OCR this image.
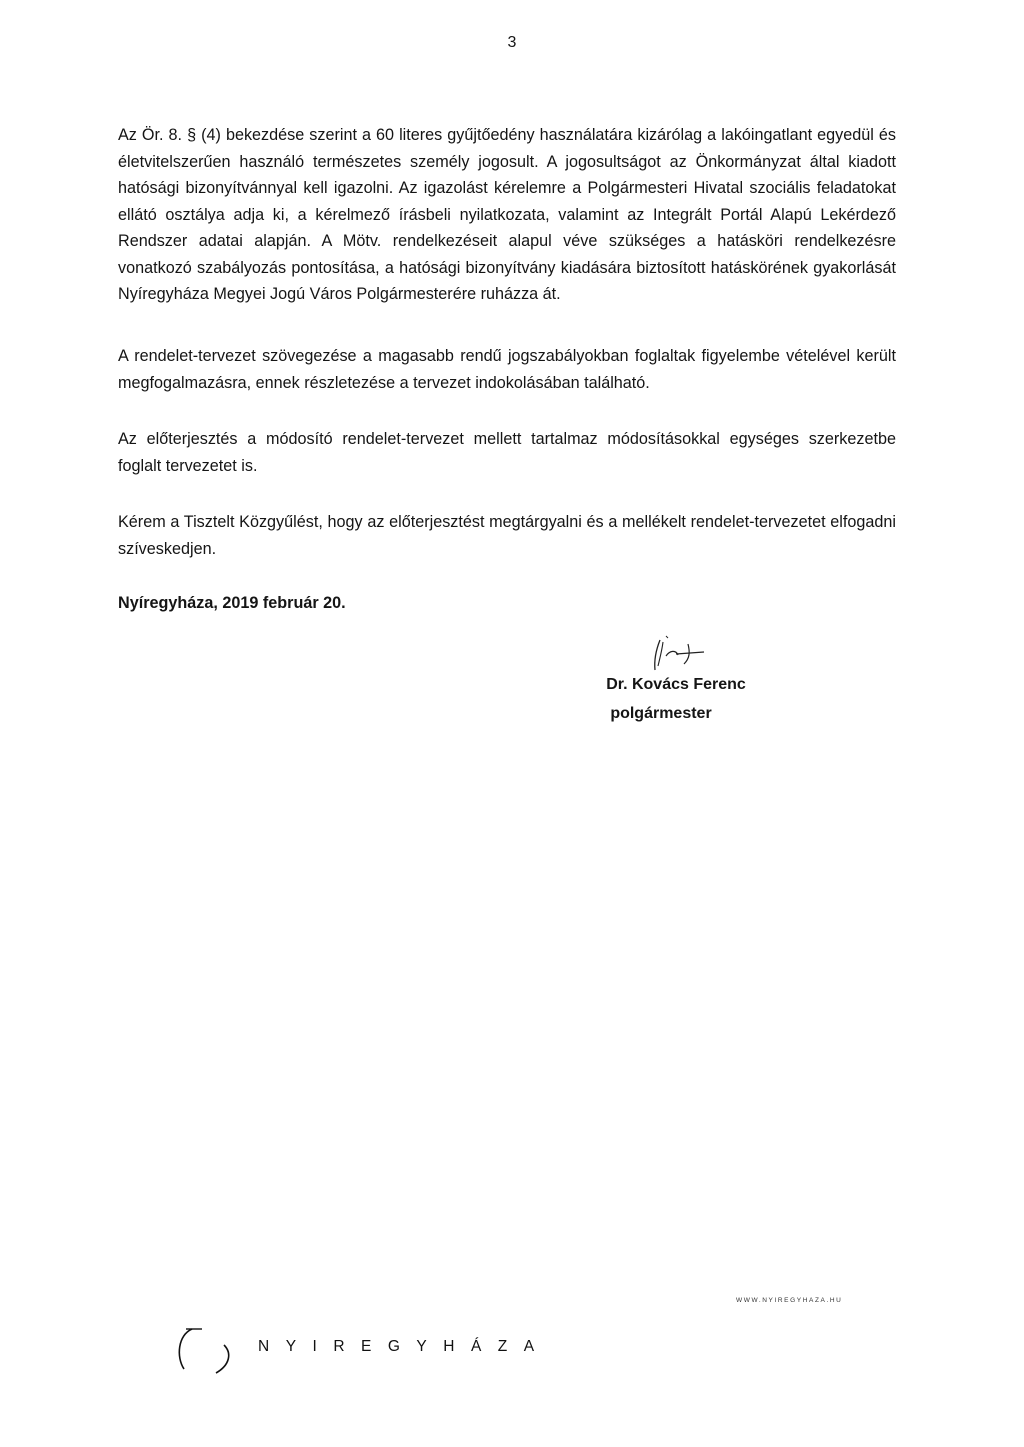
3

Az Ör. 8. § (4) bekezdése szerint a 60 literes gyűjtőedény használatára kizárólag a lakóingatlant egyedül és életvitelszerűen használó természetes személy jogosult. A jogosultságot az Önkormányzat által kiadott hatósági bizonyítvánnyal kell igazolni. Az igazolást kérelemre a Polgármesteri Hivatal szociális feladatokat ellátó osztálya adja ki, a kérelmező írásbeli nyilatkozata, valamint az Integrált Portál Alapú Lekérdező Rendszer adatai alapján. A Mötv. rendelkezéseit alapul véve szükséges a hatásköri rendelkezésre vonatkozó szabályozás pontosítása, a hatósági bizonyítvány kiadására biztosított hatáskörének gyakorlását Nyíregyháza Megyei Jogú Város Polgármesterére ruházza át.

A rendelet-tervezet szövegezése a magasabb rendű jogszabályokban foglaltak figyelembe vételével került megfogalmazásra, ennek részletezése a tervezet indokolásában található.

Az előterjesztés a módosító rendelet-tervezet mellett tartalmaz módosításokkal egységes szerkezetbe foglalt tervezetet is.

Kérem a Tisztelt Közgyűlést, hogy az előterjesztést megtárgyalni és a mellékelt rendelet-tervezetet elfogadni szíveskedjen.

Nyíregyháza, 2019 február 20.

Dr. Kovács Ferenc
polgármester
WWW.NYIREGYHAZA.HU
NYIREGYHÁZA
